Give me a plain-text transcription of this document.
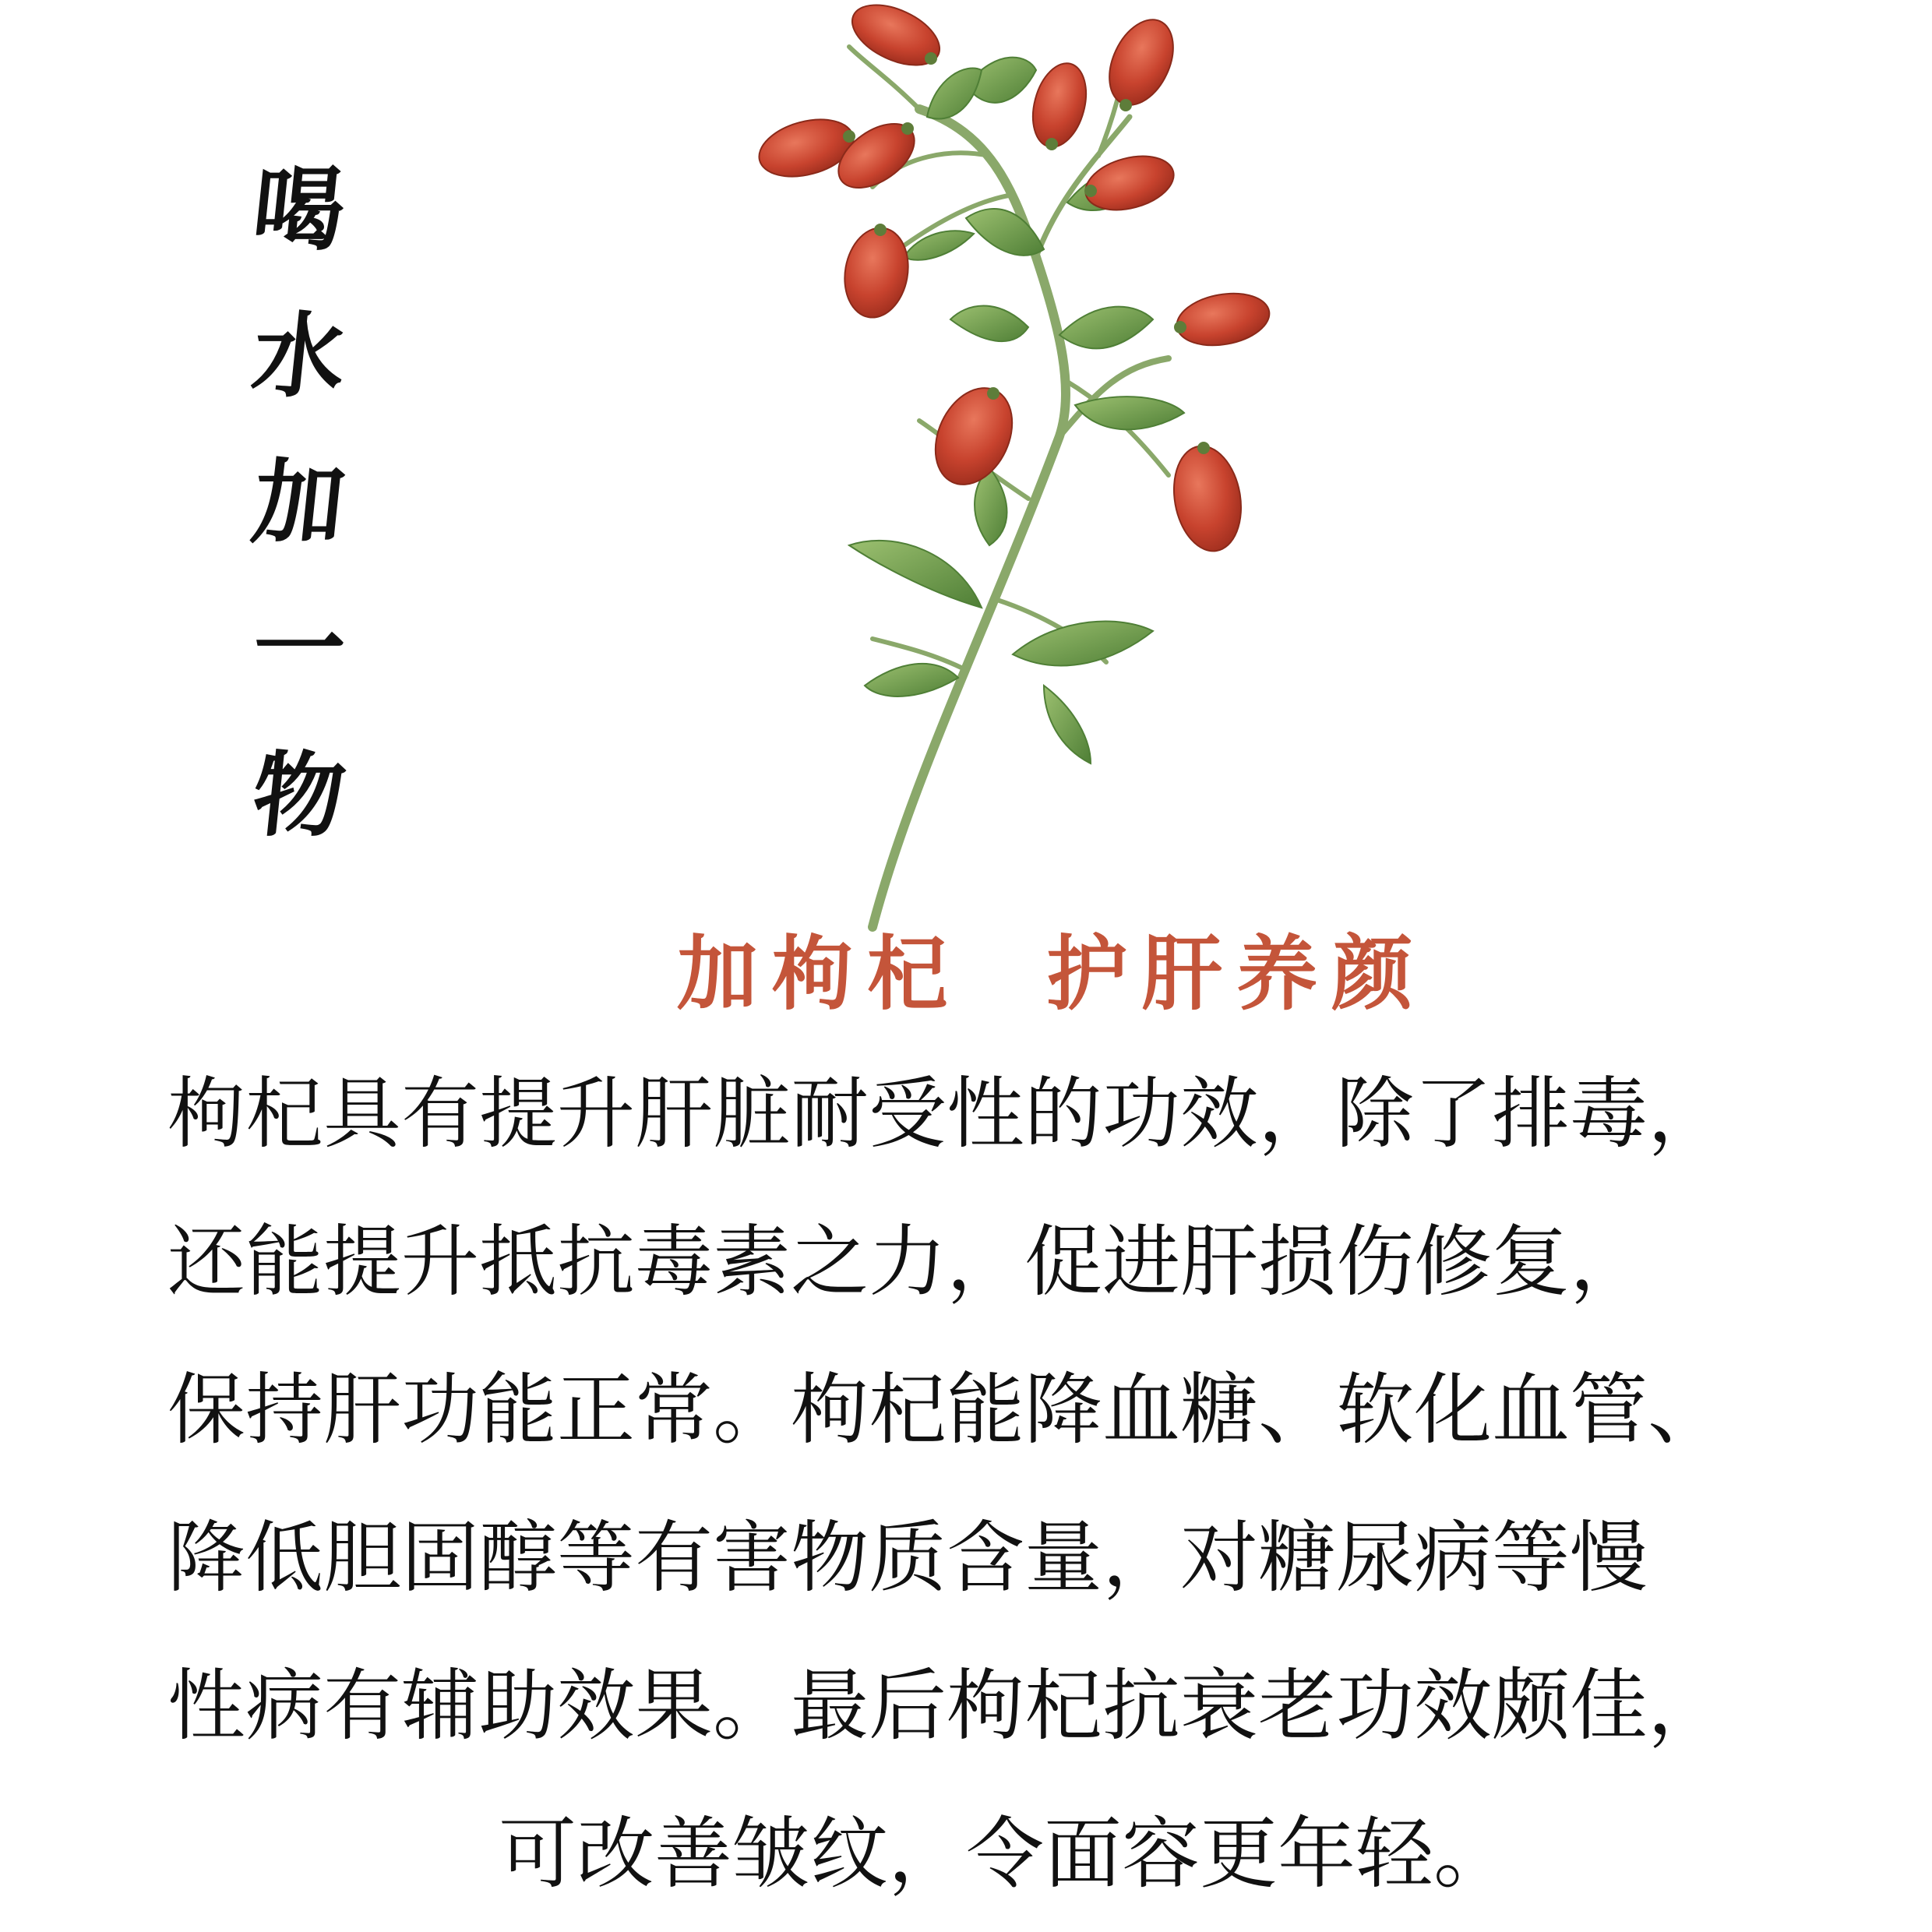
喝
水
加
一
物
加枸杞 护肝养颜
枸杞具有提升肝脏耐受性的功效，除了排毒，
还能提升抵抗毒素之力，促进肝损伤修复，
保持肝功能正常。枸杞能降血糖、软化血管、
降低胆固醇等有害物质含量，对糖尿病等慢
性病有辅助效果。最后枸杞抗衰老功效颇佳，
可改善皱纹，令面容更年轻。
